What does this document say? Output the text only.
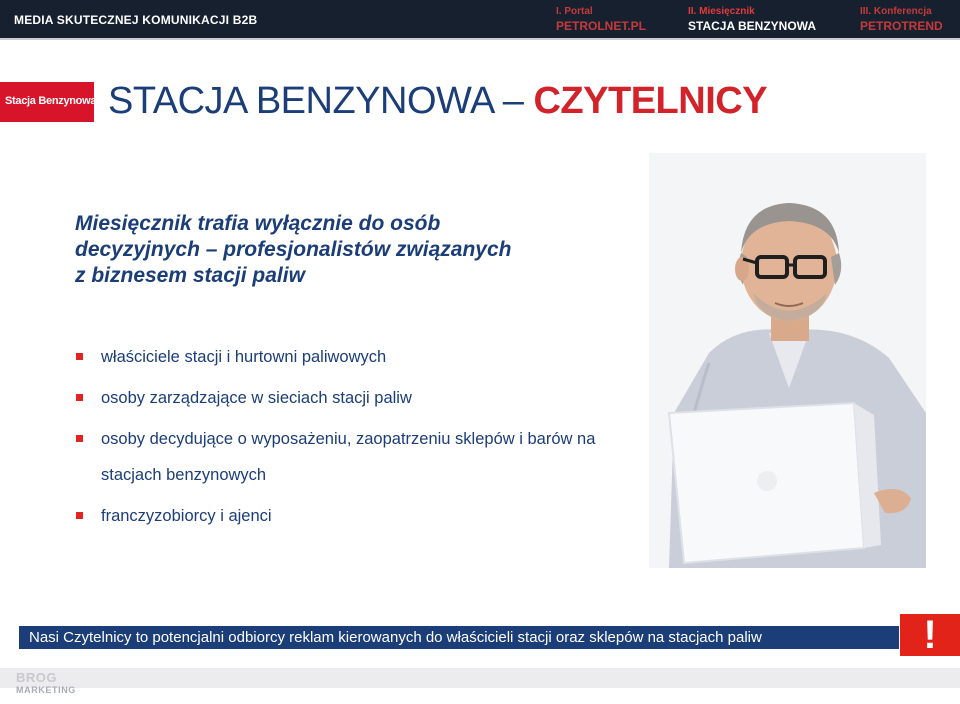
MEDIA SKUTECZNEJ KOMUNIKACJI B2B
I. Portal
PETROLNET.PL
II. Miesięcznik
STACJA BENZYNOWA
III. Konferencja
PETROTREND
Stacja Benzynowa STACJA BENZYNOWA – CZYTELNICY
Miesięcznik trafia wyłącznie do osób
decyzyjnych – profesjonalistów związanych
z biznesem stacji paliw
właściciele stacji i hurtowni paliwowych
osoby zarządzające w sieciach stacji paliw
osoby decydujące o wyposażeniu, zaopatrzeniu sklepów i barów na stacjach benzynowych
franczyzobiorcy i ajenci
Nasi Czytelnicy to potencjalni odbiorcy reklam kierowanych do właścicieli stacji oraz sklepów na stacjach paliw	!
BROG
MARKETING
